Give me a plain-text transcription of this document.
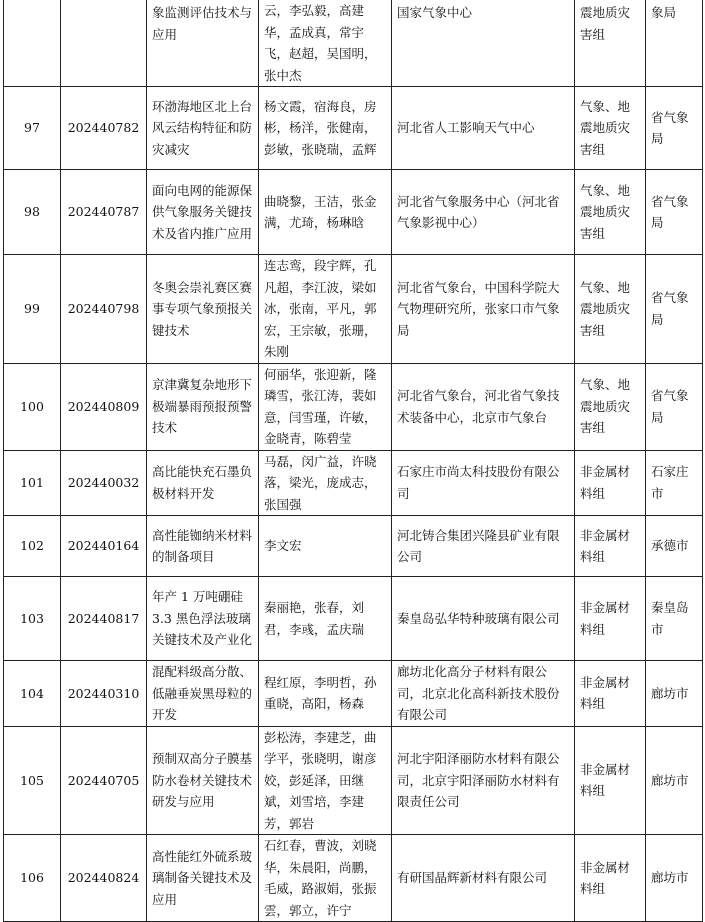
		象监测评估技术与应用	云，李弘毅，高建华，孟成真，常宇飞，赵超，吴国明，张中杰	国家气象中心	震地质灾害组	象局
97	202440782	环渤海地区北上台风云结构特征和防灾减灾	杨文霞，宿海良，房彬，杨洋，张健南，彭敏，张晓瑞，孟辉	河北省人工影响天气中心	气象、地震地质灾害组	省气象局
98	202440787	面向电网的能源保供气象服务关键技术及省内推广应用	曲晓黎，王洁，张金满，尤琦，杨琳晗	河北省气象服务中心（河北省气象影视中心）	气象、地震地质灾害组	省气象局
99	202440798	冬奥会崇礼赛区赛事专项气象预报关键技术	连志鸾，段宇辉，孔凡超，李江波，梁如冰，张南，平凡，郭宏，王宗敏，张珊，朱刚	河北省气象台，中国科学院大气物理研究所，张家口市气象局	气象、地震地质灾害组	省气象局
100	202440809	京津冀复杂地形下极端暴雨预报预警技术	何丽华，张迎新，隆璘雪，张江涛，裴如意，闫雪瑾，许敏，金晓青，陈碧莹	河北省气象台，河北省气象技术装备中心，北京市气象台	气象、地震地质灾害组	省气象局
101	202440032	高比能快充石墨负极材料开发	马磊，闵广益，许晓落，梁光，庞成志，张国强	石家庄市尚太科技股份有限公司	非金属材料组	石家庄市
102	202440164	高性能铷纳米材料的制备项目	李文宏	河北铸合集团兴隆县矿业有限公司	非金属材料组	承德市
103	202440817	年产 1 万吨硼硅 3.3 黑色浮法玻璃关键技术及产业化	秦丽艳，张春，刘君，李彧，孟庆瑞	秦皇岛弘华特种玻璃有限公司	非金属材料组	秦皇岛市
104	202440310	混配料级高分散、低融垂炭黑母粒的开发	程红原，李明哲，孙重晓，高阳，杨森	廊坊北化高分子材料有限公司，北京北化高科新技术股份有限公司	非金属材料组	廊坊市
105	202440705	预制双高分子膜基防水卷材关键技术研发与应用	彭松涛，李建芝，曲学平，张晓明，谢彦姣，彭延泽，田继斌，刘雪培，李建芳，郭岩	河北宇阳泽丽防水材料有限公司，北京宇阳泽丽防水材料有限责任公司	非金属材料组	廊坊市
106	202440824	高性能红外硫系玻璃制备关键技术及应用	石红春，曹波，刘晓华，朱晨阳，尚鹏，毛威，路淑娟，张振雲，郭立，许宁	有研国晶辉新材料有限公司	非金属材料组	廊坊市
